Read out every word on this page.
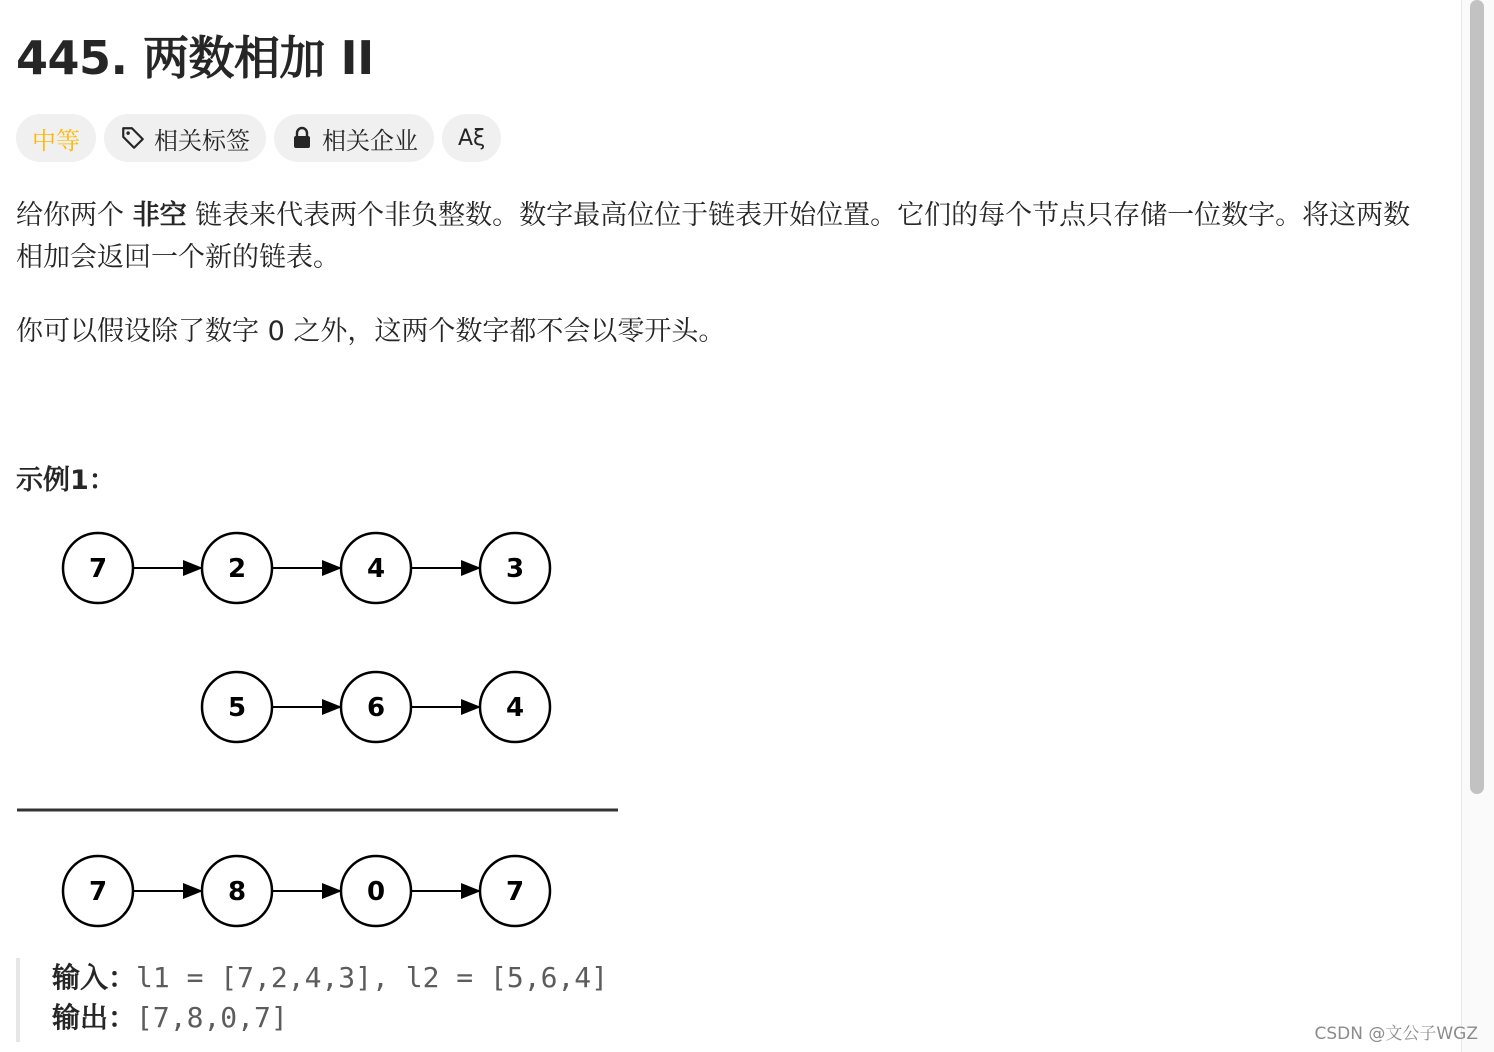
445. 两数相加 II
中等	相关标签	相关企业 Aξ

给你两个 非空 链表来代表两个非负整数。数字最高位位于链表开始位置。它们的每个节点只存储一位数字。将这两数相加会返回一个新的链表。

你可以假设除了数字 0 之外，这两个数字都不会以零开头。

示例1：
7	2	4	3
5	6	4
7	8	0	7
输入：l1 = [7,2,4,3], l2 = [5,6,4]
输出：[7,8,0,7]	CSDN @文公子WGZ
